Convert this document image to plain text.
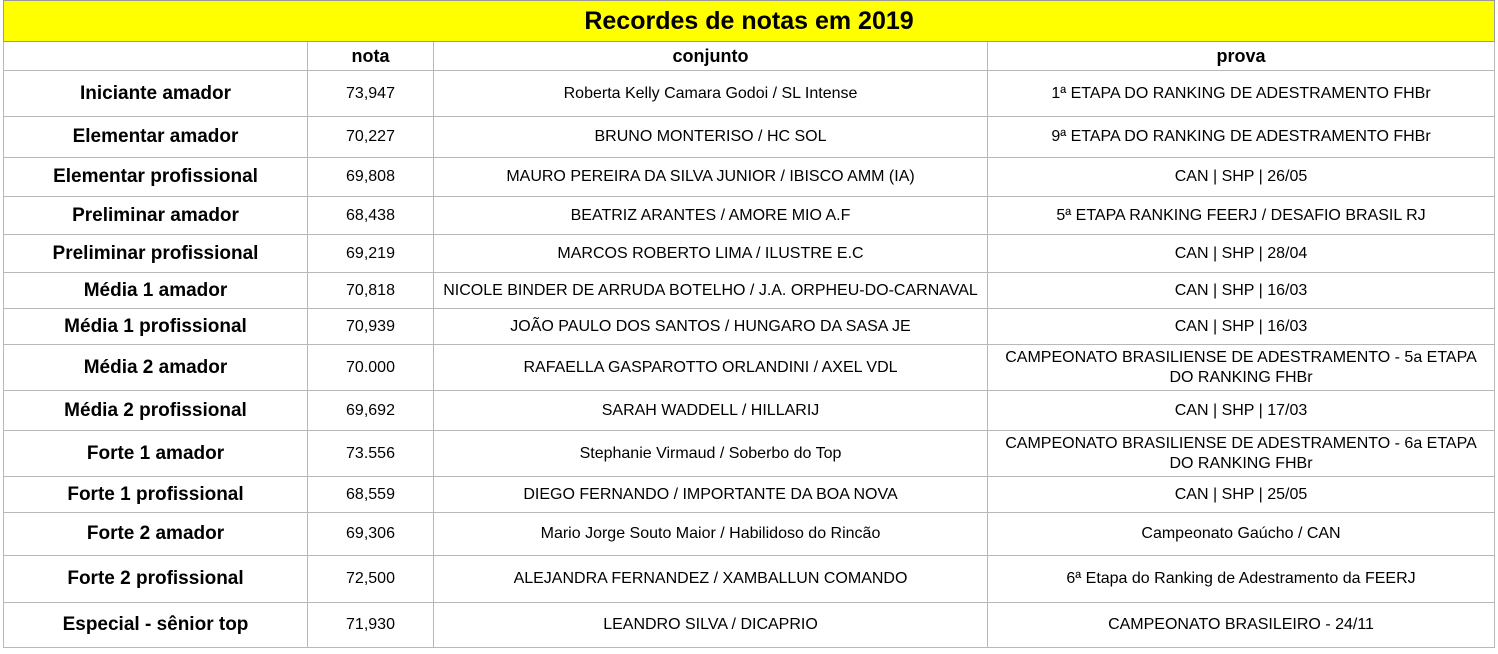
Recordes de notas em 2019			
	nota	conjunto	prova
Iniciante amador	73,947	Roberta Kelly Camara Godoi / SL Intense	1ª ETAPA DO RANKING DE ADESTRAMENTO FHBr
Elementar amador	70,227	BRUNO MONTERISO / HC SOL	9ª ETAPA DO RANKING DE ADESTRAMENTO FHBr
Elementar profissional	69,808	MAURO PEREIRA DA SILVA JUNIOR / IBISCO AMM (IA)	CAN | SHP | 26/05
Preliminar amador	68,438	BEATRIZ ARANTES / AMORE MIO A.F	5ª ETAPA RANKING FEERJ / DESAFIO BRASIL RJ
Preliminar profissional	69,219	MARCOS ROBERTO LIMA / ILUSTRE E.C	CAN | SHP | 28/04
Média 1 amador	70,818	NICOLE BINDER DE ARRUDA BOTELHO / J.A. ORPHEU-DO-CARNAVAL	CAN | SHP | 16/03
Média 1 profissional	70,939	JOÃO PAULO DOS SANTOS / HUNGARO DA SASA JE	CAN | SHP | 16/03
Média 2 amador	70.000	RAFAELLA GASPAROTTO ORLANDINI / AXEL VDL	CAMPEONATO BRASILIENSE DE ADESTRAMENTO - 5a ETAPA DO RANKING FHBr
Média 2 profissional	69,692	SARAH WADDELL / HILLARIJ	CAN | SHP | 17/03
Forte 1 amador	73.556	Stephanie Virmaud / Soberbo do Top	CAMPEONATO BRASILIENSE DE ADESTRAMENTO - 6a ETAPA DO RANKING FHBr
Forte 1 profissional	68,559	DIEGO FERNANDO / IMPORTANTE DA BOA NOVA	CAN | SHP | 25/05
Forte 2 amador	69,306	Mario Jorge Souto Maior / Habilidoso do Rincão	Campeonato Gaúcho / CAN
Forte 2 profissional	72,500	ALEJANDRA FERNANDEZ / XAMBALLUN COMANDO	6ª Etapa do Ranking de Adestramento da FEERJ
Especial - sênior top	71,930	LEANDRO SILVA / DICAPRIO	CAMPEONATO BRASILEIRO - 24/11
